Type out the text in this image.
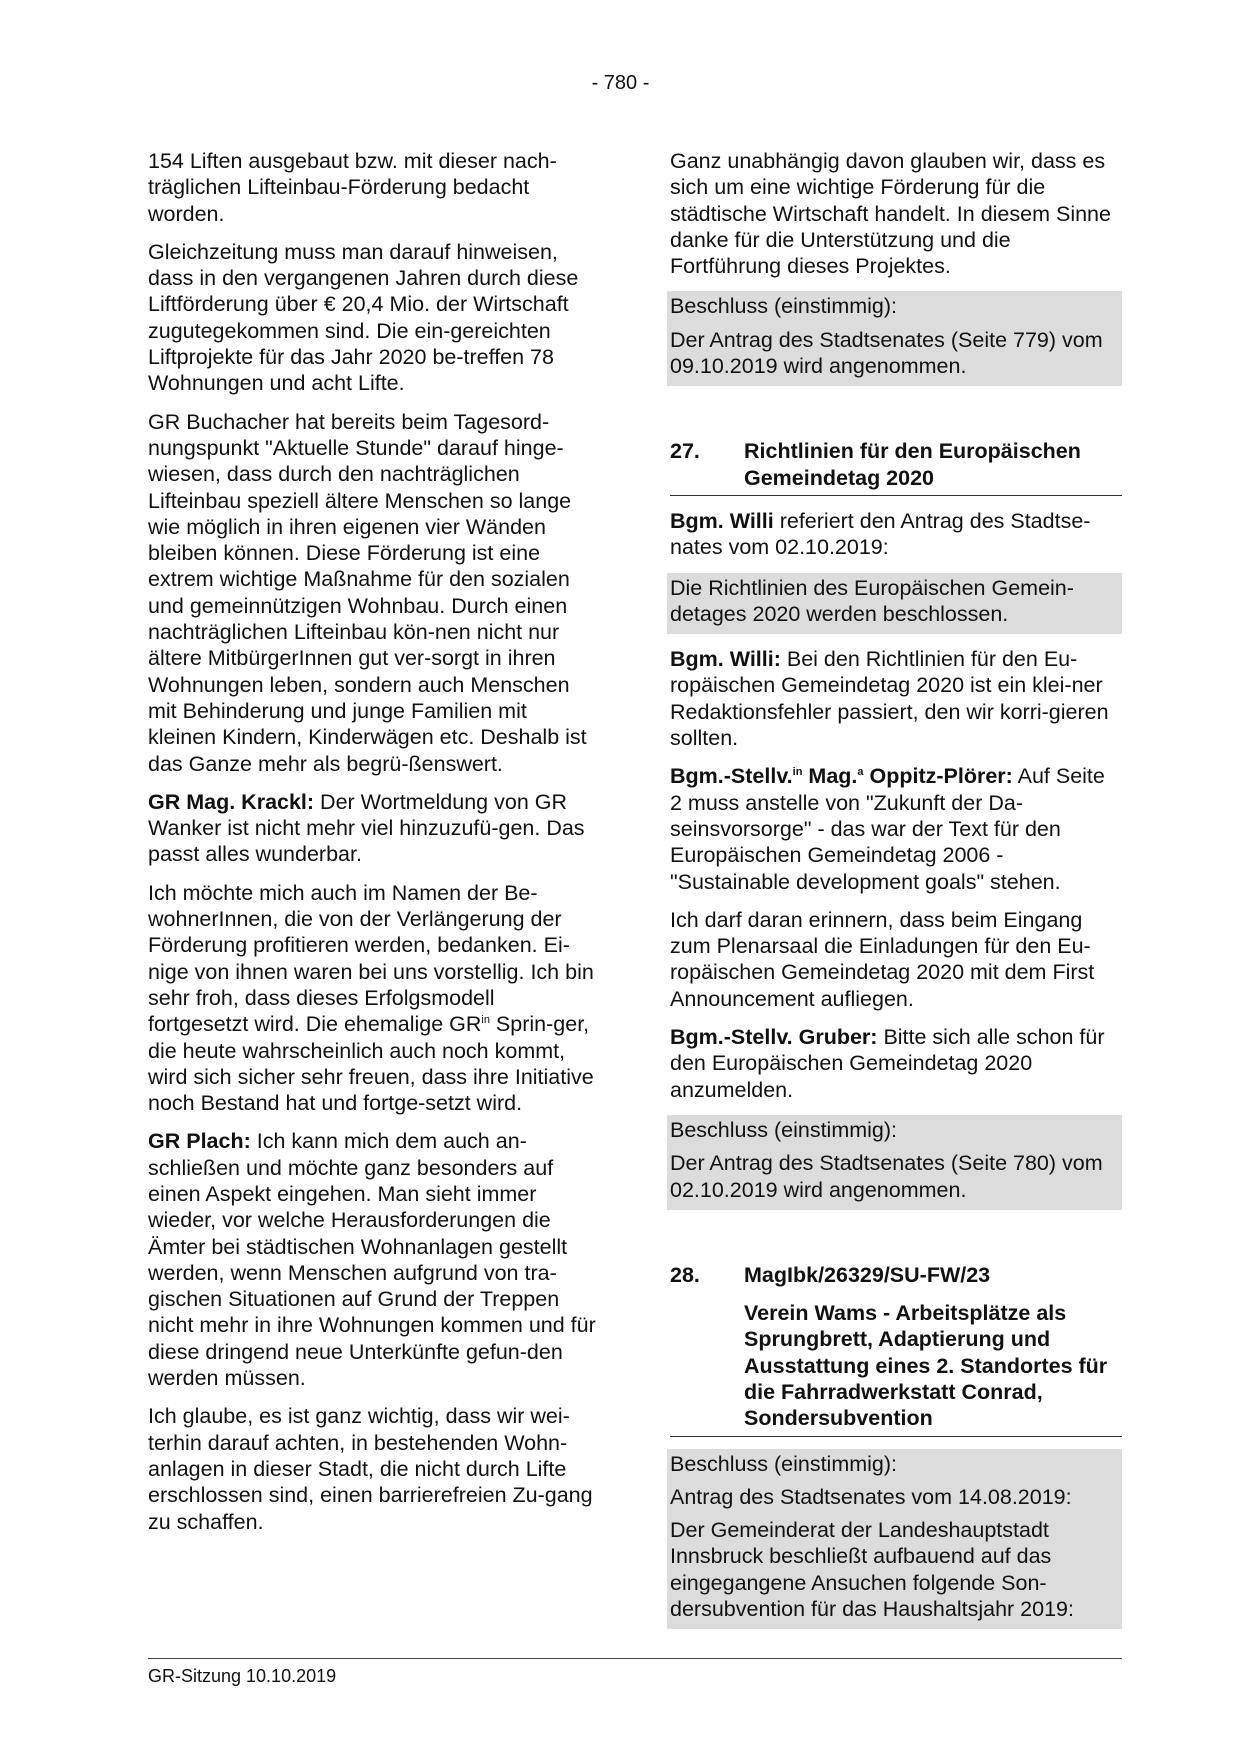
- 780 -

154 Liften ausgebaut bzw. mit dieser nach-träglichen Lifteinbau-Förderung bedacht worden.

Gleichzeitung muss man darauf hinweisen, dass in den vergangenen Jahren durch diese Liftförderung über € 20,4 Mio. der Wirtschaft zugutegekommen sind. Die ein-gereichten Liftprojekte für das Jahr 2020 be-treffen 78 Wohnungen und acht Lifte.

GR Buchacher hat bereits beim Tagesord-nungspunkt "Aktuelle Stunde" darauf hinge-wiesen, dass durch den nachträglichen Lifteinbau speziell ältere Menschen so lange wie möglich in ihren eigenen vier Wänden bleiben können. Diese Förderung ist eine extrem wichtige Maßnahme für den sozialen und gemeinnützigen Wohnbau. Durch einen nachträglichen Lifteinbau kön-nen nicht nur ältere MitbürgerInnen gut ver-sorgt in ihren Wohnungen leben, sondern auch Menschen mit Behinderung und junge Familien mit kleinen Kindern, Kinderwägen etc. Deshalb ist das Ganze mehr als begrü-ßenswert.

GR Mag. Krackl: Der Wortmeldung von GR Wanker ist nicht mehr viel hinzuzufü-gen. Das passt alles wunderbar.

Ich möchte mich auch im Namen der Be-wohnerInnen, die von der Verlängerung der Förderung profitieren werden, bedanken. Ei-nige von ihnen waren bei uns vorstellig. Ich bin sehr froh, dass dieses Erfolgsmodell fortgesetzt wird. Die ehemalige $GR^{in}$ Sprin-ger, die heute wahrscheinlich auch noch kommt, wird sich sicher sehr freuen, dass ihre Initiative noch Bestand hat und fortge-setzt wird.

GR Plach: Ich kann mich dem auch an-schließen und möchte ganz besonders auf einen Aspekt eingehen. Man sieht immer wieder, vor welche Herausforderungen die Ämter bei städtischen Wohnanlagen gestellt werden, wenn Menschen aufgrund von tra-gischen Situationen auf Grund der Treppen nicht mehr in ihre Wohnungen kommen und für diese dringend neue Unterkünfte gefun-den werden müssen.

Ich glaube, es ist ganz wichtig, dass wir wei-terhin darauf achten, in bestehenden Wohn-anlagen in dieser Stadt, die nicht durch Lifte erschlossen sind, einen barrierefreien Zu-gang zu schaffen.

Ganz unabhängig davon glauben wir, dass es sich um eine wichtige Förderung für die städtische Wirtschaft handelt. In diesem Sinne danke für die Unterstützung und die Fortführung dieses Projektes.

Beschluss (einstimmig):
Der Antrag des Stadtsenates (Seite 779) vom 09.10.2019 wird angenommen.
27.	Richtlinien für den Europäischen Gemeindetag 2020

Bgm. Willi referiert den Antrag des Stadtse-nates vom 02.10.2019:

Die Richtlinien des Europäischen Gemein-detages 2020 werden beschlossen.

Bgm. Willi: Bei den Richtlinien für den Eu-ropäischen Gemeindetag 2020 ist ein klei-ner Redaktionsfehler passiert, den wir korri-gieren sollten.

Bgm.-Stellv.$^{in}$ Mag.$^a$ Oppitz-Plörer: Auf Seite 2 muss anstelle von "Zukunft der Da-seinsvorsorge" - das war der Text für den Europäischen Gemeindetag 2006 - "Sustainable development goals" stehen.

Ich darf daran erinnern, dass beim Eingang zum Plenarsaal die Einladungen für den Eu-ropäischen Gemeindetag 2020 mit dem First Announcement aufliegen.

Bgm.-Stellv. Gruber: Bitte sich alle schon für den Europäischen Gemeindetag 2020 anzumelden.

Beschluss (einstimmig):
Der Antrag des Stadtsenates (Seite 780) vom 02.10.2019 wird angenommen.
28.	MagIbk/26329/SU-FW/23
Verein Wams - Arbeitsplätze als Sprungbrett, Adaptierung und Ausstattung eines 2. Standortes für die Fahrradwerkstatt Conrad, Sondersubvention
Beschluss (einstimmig):
Antrag des Stadtsenates vom 14.08.2019:
Der Gemeinderat der Landeshauptstadt Innsbruck beschließt aufbauend auf das eingegangene Ansuchen folgende Son-dersubvention für das Haushaltsjahr 2019:
GR-Sitzung 10.10.2019
